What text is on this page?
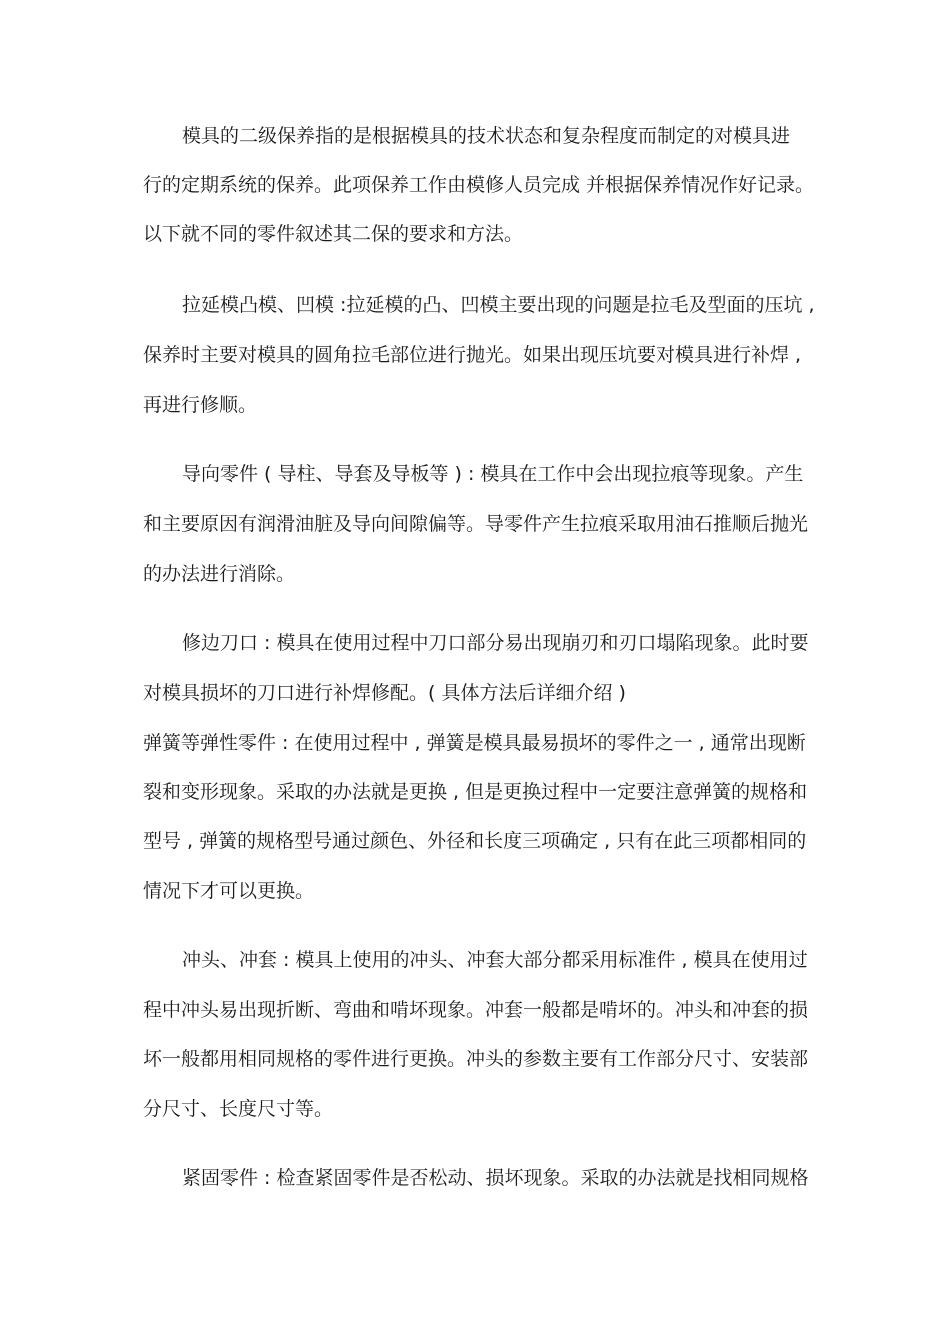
模具的二级保养指的是根据模具的技术状态和复杂程度而制定的对模具进
行的定期系统的保养。此项保养工作由模修人员完成 并根据保养情况作好记录。
以下就不同的零件叙述其二保的要求和方法。
拉延模凸模、凹模 :拉延模的凸、凹模主要出现的问题是拉毛及型面的压坑 ,
保养时主要对模具的圆角拉毛部位进行抛光。如果出现压坑要对模具进行补焊 ,
再进行修顺。
导向零件 ( 导柱、导套及导板等 ) : 模具在工作中会出现拉痕等现象。产生
和主要原因有润滑油脏及导向间隙偏等。导零件产生拉痕采取用油石推顺后抛光
的办法进行消除。
修边刀口 : 模具在使用过程中刀口部分易出现崩刃和刃口塌陷现象。此时要
对模具损坏的刀口进行补焊修配。( 具体方法后详细介绍 )
弹簧等弹性零件 : 在使用过程中 , 弹簧是模具最易损坏的零件之一 , 通常出现断
裂和变形现象。采取的办法就是更换 , 但是更换过程中一定要注意弹簧的规格和
型号 , 弹簧的规格型号通过颜色、外径和长度三项确定 , 只有在此三项都相同的
情况下才可以更换。
冲头、冲套 : 模具上使用的冲头、冲套大部分都采用标准件 , 模具在使用过
程中冲头易出现折断、弯曲和啃坏现象。冲套一般都是啃坏的。冲头和冲套的损
坏一般都用相同规格的零件进行更换。冲头的参数主要有工作部分尺寸、安装部
分尺寸、长度尺寸等。
紧固零件 : 检查紧固零件是否松动、损坏现象。采取的办法就是找相同规格
